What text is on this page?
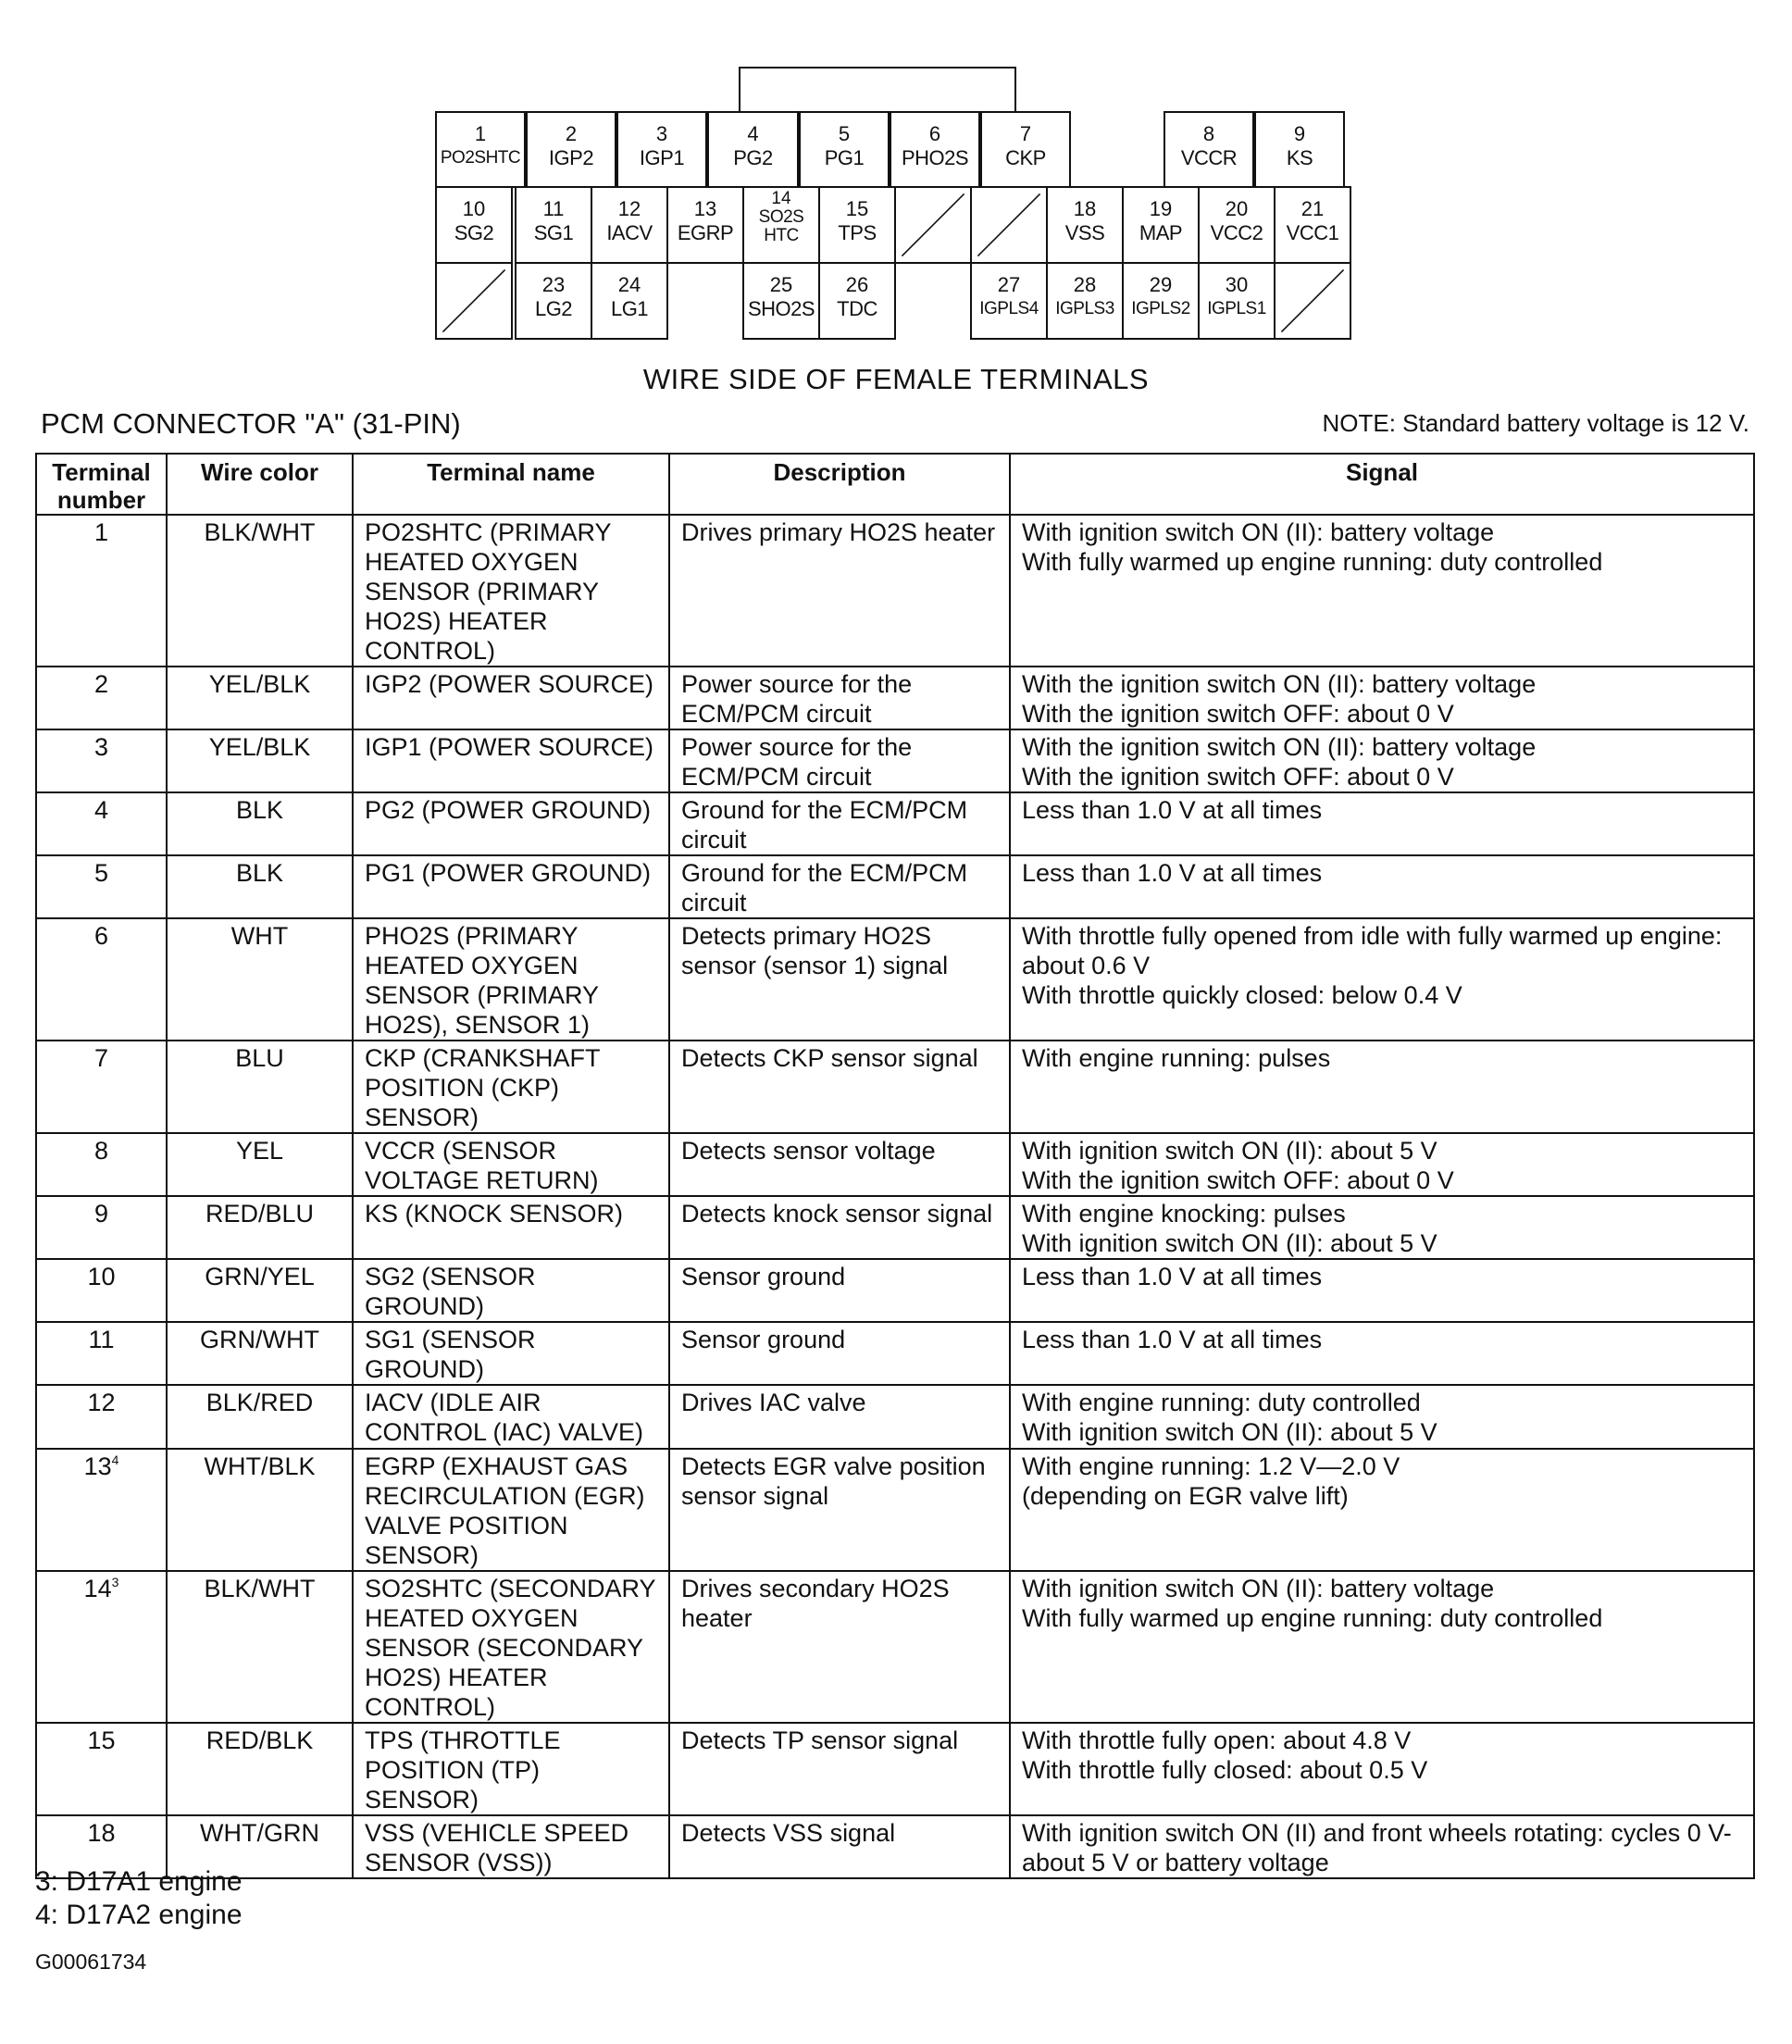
1
PO2SHTC
2
IGP2
3
IGP1
4
PG2
5
PG1
6
PHO2S
7
CKP
8
VCCR
9
KS
10
SG2
11
SG1
12
IACV
13
EGRP
14
SO2S HTC
15
TPS
18
VSS
19
MAP
20
VCC2
21
VCC1
23
LG2
24
LG1
25
SHO2S
26
TDC
27
IGPLS4
28
IGPLS3
29
IGPLS2
30
IGPLS1
WIRE SIDE OF FEMALE TERMINALS
PCM CONNECTOR "A" (31-PIN)	NOTE: Standard battery voltage is 12 V.
Terminal number	Wire color	Terminal name	Description	Signal
1	BLK/WHT	PO2SHTC (PRIMARY HEATED OXYGEN SENSOR (PRIMARY HO2S) HEATER CONTROL)	Drives primary HO2S heater	With ignition switch ON (II): battery voltage
With fully warmed up engine running: duty controlled
2	YEL/BLK	IGP2 (POWER SOURCE)	Power source for the ECM/PCM circuit	With the ignition switch ON (II): battery voltage
With the ignition switch OFF: about 0 V
3	YEL/BLK	IGP1 (POWER SOURCE)	Power source for the ECM/PCM circuit	With the ignition switch ON (II): battery voltage
With the ignition switch OFF: about 0 V
4	BLK	PG2 (POWER GROUND)	Ground for the ECM/PCM circuit	Less than 1.0 V at all times
5	BLK	PG1 (POWER GROUND)	Ground for the ECM/PCM circuit	Less than 1.0 V at all times
6	WHT	PHO2S (PRIMARY HEATED OXYGEN SENSOR (PRIMARY HO2S), SENSOR 1)	Detects primary HO2S sensor (sensor 1) signal	With throttle fully opened from idle with fully warmed up engine: about 0.6 V
With throttle quickly closed: below 0.4 V
7	BLU	CKP (CRANKSHAFT POSITION (CKP) SENSOR)	Detects CKP sensor signal	With engine running: pulses
8	YEL	VCCR (SENSOR VOLTAGE RETURN)	Detects sensor voltage	With ignition switch ON (II): about 5 V
With the ignition switch OFF: about 0 V
9	RED/BLU	KS (KNOCK SENSOR)	Detects knock sensor signal	With engine knocking: pulses
With ignition switch ON (II): about 5 V
10	GRN/YEL	SG2 (SENSOR GROUND)	Sensor ground	Less than 1.0 V at all times
11	GRN/WHT	SG1 (SENSOR GROUND)	Sensor ground	Less than 1.0 V at all times
12	BLK/RED	IACV (IDLE AIR CONTROL (IAC) VALVE)	Drives IAC valve	With engine running: duty controlled
With ignition switch ON (II): about 5 V
$13^4$	WHT/BLK	EGRP (EXHAUST GAS RECIRCULATION (EGR) VALVE POSITION SENSOR)	Detects EGR valve position sensor signal	With engine running: 1.2 V—2.0 V
(depending on EGR valve lift)
$14^3$	BLK/WHT	SO2SHTC (SECONDARY HEATED OXYGEN SENSOR (SECONDARY HO2S) HEATER CONTROL)	Drives secondary HO2S heater	With ignition switch ON (II): battery voltage
With fully warmed up engine running: duty controlled
15	RED/BLK	TPS (THROTTLE POSITION (TP) SENSOR)	Detects TP sensor signal	With throttle fully open: about 4.8 V
With throttle fully closed: about 0.5 V
18	WHT/GRN	VSS (VEHICLE SPEED SENSOR (VSS))	Detects VSS signal	With ignition switch ON (II) and front wheels rotating: cycles 0 V-about 5 V or battery voltage
3: D17A1 engine
4: D17A2 engine
G00061734
